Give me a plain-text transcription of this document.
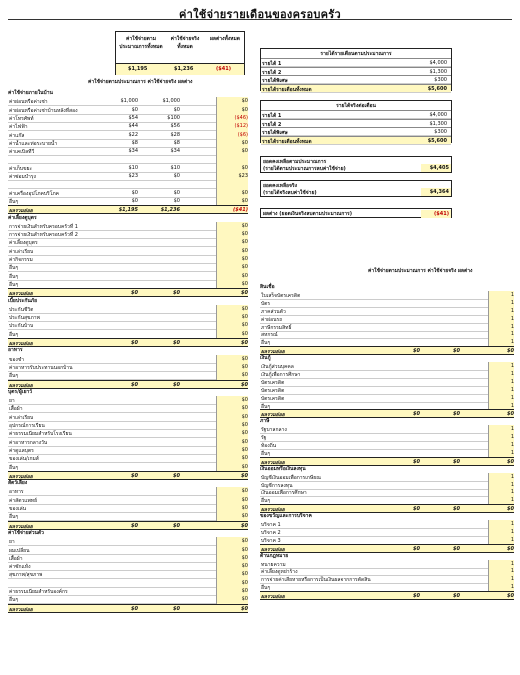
ค่าใช้จ่ายรายเดือนของครอบครัว
ค่าใช้จ่ายตามประมาณการทั้งหมด
ค่าใช้จ่ายจริงทั้งหมด
ผลต่างทั้งหมด
$1,195	$1,236	($41)
ค่าใช้จ่ายตามประมาณการ ค่าใช้จ่ายจริง ผลต่าง
ค่าใช้จ่ายภายในบ้าน
ค่าผ่อนหรือค่าเช่า	$1,000	$1,000	$0
ค่าผ่อนหรือค่าเช่าบ้านหลังที่สอง	$0	$0	$0
ค่าโทรศัพท์	$54	$100	($46)
ค่าไฟฟ้า	$44	$56	($12)
ค่าแก๊ส	$22	$28	($6)
ค่าน้ำและท่อระบายน้ำ	$8	$8	$0
ค่าเคเบิลทีวี	$34	$34	$0
ค่าเก็บขยะ	$10	$10	$0
ค่าซ่อมบำรุง	$23	$0	$23
ค่าเครื่องอุปโภคบริโภค	$0	$0	$0
อื่นๆ	$0	$0	$0
ผลรวมย่อย	$1,195	$1,236	($41)
ค่าเลี้ยงดูบุตร
การจ่ายเงินสำหรับครอบครัวที่ 1	$0
การจ่ายเงินสำหรับครอบครัวที่ 2	$0
ค่าเลี้ยงดูบุตร	$0
ค่าเล่าเรียน	$0
ค่ากิจกรรม	$0
อื่นๆ	$0
อื่นๆ	$0
อื่นๆ	$0
ผลรวมย่อย	$0	$0	$0
เบี้ยประกันภัย
ประกันชีวิต	$0
ประกันสุขภาพ	$0
ประกันบ้าน	$0
อื่นๆ	$0
ผลรวมย่อย	$0	$0	$0
อาหาร
ของชำ	$0
ค่าอาหารรับประทานนอกบ้าน	$0
อื่นๆ	$0
ผลรวมย่อย	$0	$0	$0
บุตร/ผู้เยาว์
ยา	$0
เสื้อผ้า	$0
ค่าเล่าเรียน	$0
อุปกรณ์การเรียน	$0
ค่าธรรมเนียมสำหรับโรงเรียน	$0
ค่าอาหารกลางวัน	$0
ค่าดูแลบุตร	$0
ของเล่น/เกมส์	$0
อื่นๆ	$0
ผลรวมย่อย	$0	$0	$0
สัตว์เลี้ยง
อาหาร	$0
ค่าสัตวแพทย์	$0
ของเล่น	$0
อื่นๆ	$0
ผลรวมย่อย	$0	$0	$0
ค่าใช้จ่ายส่วนตัว
ยา	$0
ผมเปลี่ยน	$0
เสื้อผ้า	$0
ค่าซักแห้ง	$0
สุขภาพ/สุขภาพ	$0
$0
ค่าธรรมเนียมสำหรับองค์กร	$0
อื่นๆ	$0
ผลรวมย่อย	$0	$0	$0
รายได้รายเดือนตามประมาณการ
รายได้ 1	$4,000
รายได้ 2	$1,300
รายได้พิเศษ	$300
รายได้รายเดือนทั้งหมด	$5,600
รายได้จริงต่อเดือน
รายได้ 1	$4,000
รายได้ 2	$1,300
รายได้พิเศษ	$300
รายได้รายเดือนทั้งหมด	$5,600
ยอดคงเหลือตามประมาณการ
(รายได้ตามประมาณการลบค่าใช้จ่าย)	$4,405
ยอดคงเหลือจริง
(รายได้จริงลบค่าใช้จ่าย)	$4,364
ผลต่าง (ยอดเงินจริงลบตามประมาณการ)	($41)
ค่าใช้จ่ายตามประมาณการ ค่าใช้จ่ายจริง ผลต่าง
สินเชื่อ
ใบเสร็จบัตรเครดิต	1
บัตร	1
ภาคส่วนตัว	1
ค่าผ่อนรถ	1
ภาษีกรรมสิทธิ์	1
สหกรณ์	1
อื่นๆ	1
ผลรวมย่อย	$0	$0	$0
เงินกู้
เงินกู้ส่วนบุคคล	1
เงินกู้เพื่อการศึกษา	1
บัตรเครดิต	1
บัตรเครดิต	1
บัตรเครดิต	1
อื่นๆ	1
ผลรวมย่อย	$0	$0	$0
ภาษี
รัฐบาลกลาง	1
รัฐ	1
ท้องถิ่น	1
อื่นๆ	1
ผลรวมย่อย	$0	$0	$0
เงินออมหรือเงินลงทุน
บัญชีเงินออมเพื่อการเกษียณ	1
บัญชีการลงทุน	1
เงินออมเพื่อการศึกษา	1
อื่นๆ	1
ผลรวมย่อย	$0	$0	$0
ของขวัญและการบริจาค
บริจาค 1	1
บริจาค 2	1
บริจาค 3	1
ผลรวมย่อย	$0	$0	$0
ด้านกฎหมาย
ทนายความ	1
ค่าเลี้ยงดูหย่าร้าง	1
การจ่ายค่าเสียหายหรือการเป็นเงินผลจากการตัดสิน	1
อื่นๆ	1
ผลรวมย่อย	$0	$0	$0
